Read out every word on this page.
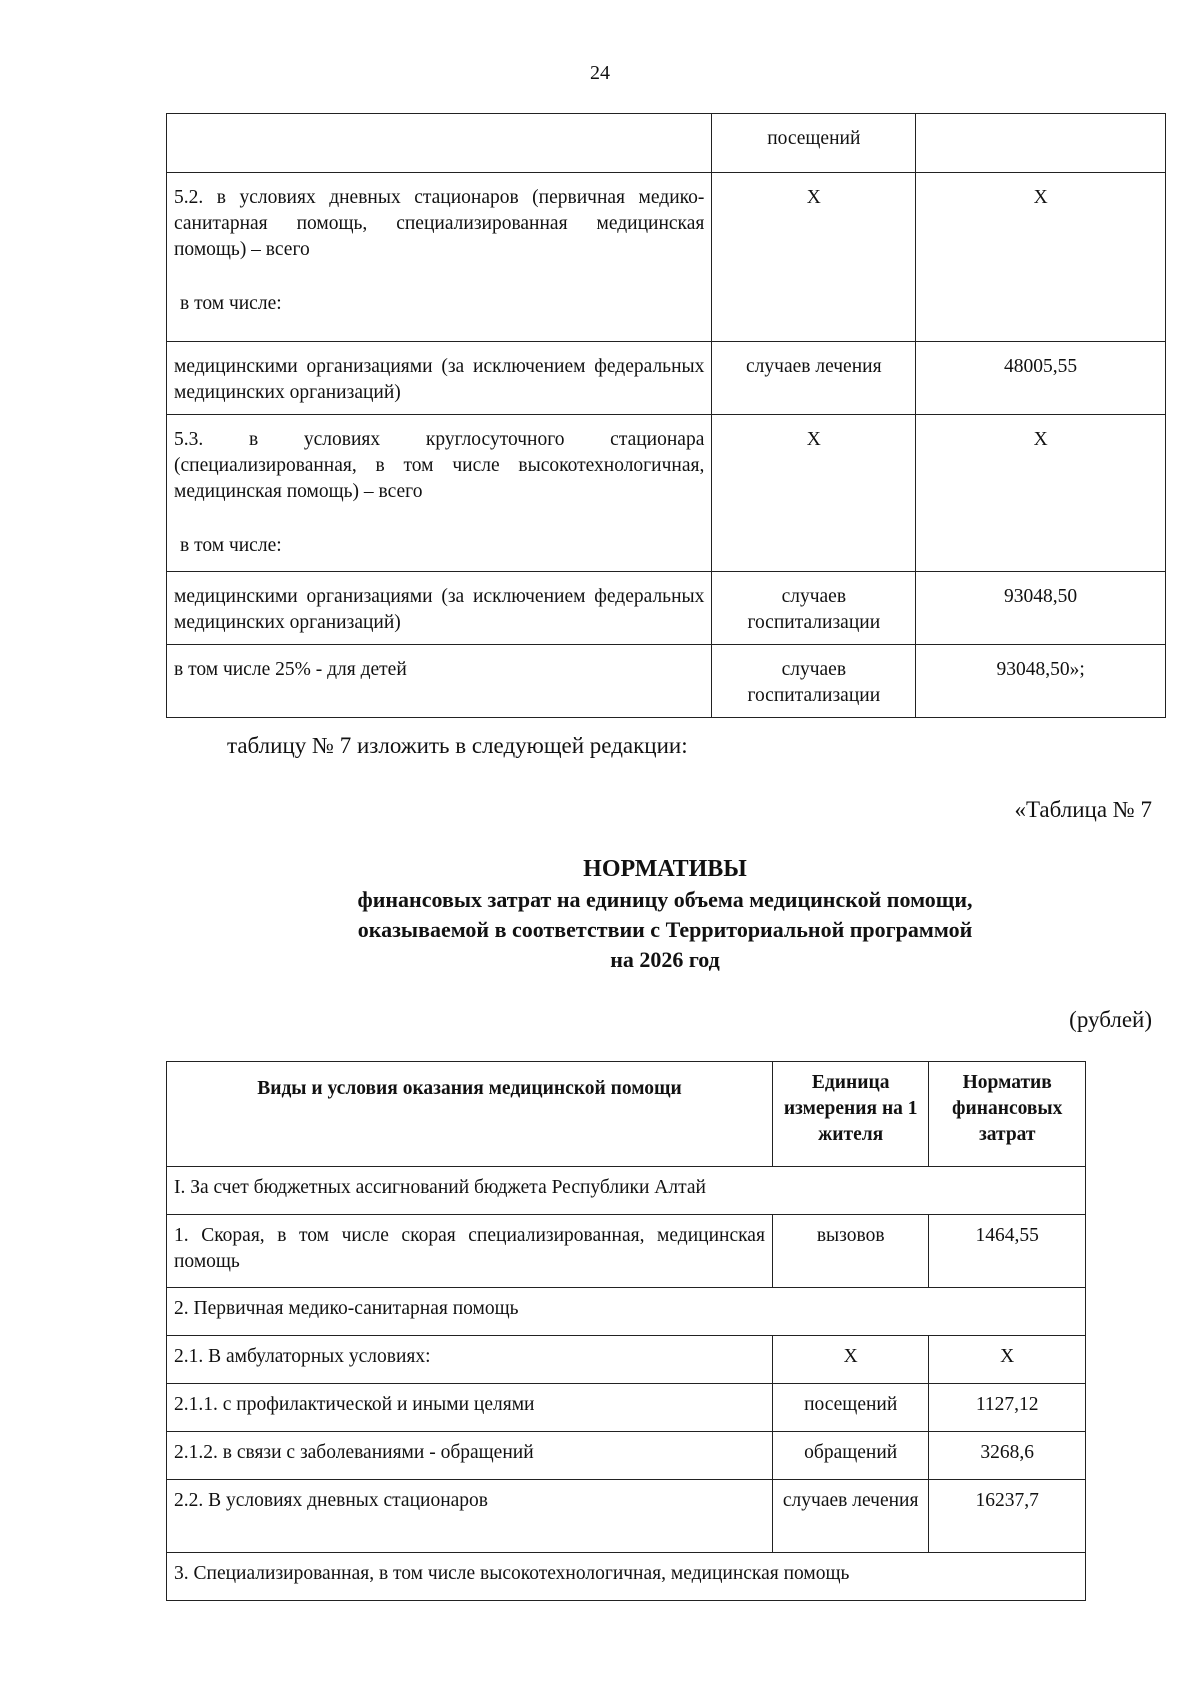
24
	посещений	
5.2. в условиях дневных стационаров (первичная медико-санитарная помощь, специализированная медицинская помощь) – всего
в том числе:	X	X
медицинскими организациями (за исключением федеральных медицинских организаций)	случаев лечения	48005,55
5.3. в условиях круглосуточного стационара (специализированная, в том числе высокотехнологичная, медицинская помощь) – всего
в том числе:	X	X
медицинскими организациями (за исключением федеральных медицинских организаций)	случаев госпитализации	93048,50
в том числе 25% - для детей	случаев госпитализации	93048,50»;
таблицу № 7 изложить в следующей редакции:
«Таблица № 7
НОРМАТИВЫ
финансовых затрат на единицу объема медицинской помощи,
оказываемой в соответствии с Территориальной программой
на 2026 год
(рублей)
Виды и условия оказания медицинской помощи	Единица измерения на 1 жителя	Норматив финансовых затрат
I. За счет бюджетных ассигнований бюджета Республики Алтай		
1. Скорая, в том числе скорая специализированная, медицинская помощь	вызовов	1464,55
2. Первичная медико-санитарная помощь		
2.1. В амбулаторных условиях:	X	X
2.1.1. с профилактической и иными целями	посещений	1127,12
2.1.2. в связи с заболеваниями - обращений	обращений	3268,6
2.2. В условиях дневных стационаров	случаев лечения	16237,7
3. Специализированная, в том числе высокотехнологичная, медицинская помощь		
